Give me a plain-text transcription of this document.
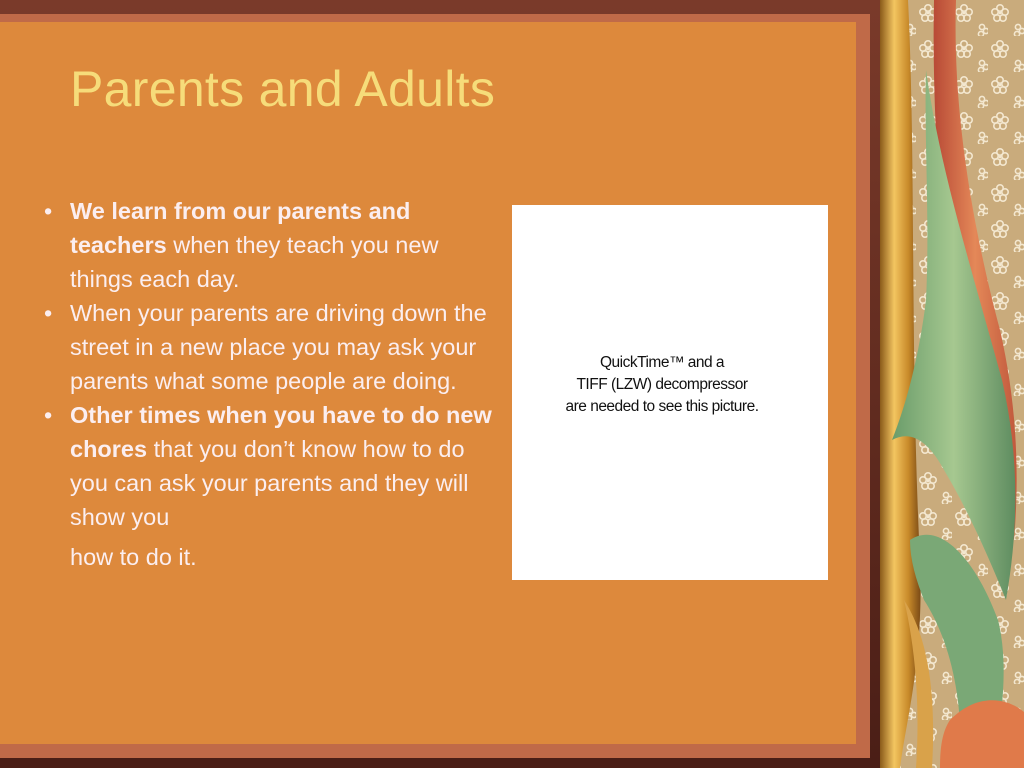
Parents and Adults
• We learn from our parents and teachers when they teach you new things each day.
• When your parents are driving down the street in a new place you may ask your parents what some people are doing.
• Other times when you have to do new chores that you don’t know how to do you can ask your parents and they will show you
how to do it.
QuickTime™ and a
TIFF (LZW) decompressor
are needed to see this picture.
